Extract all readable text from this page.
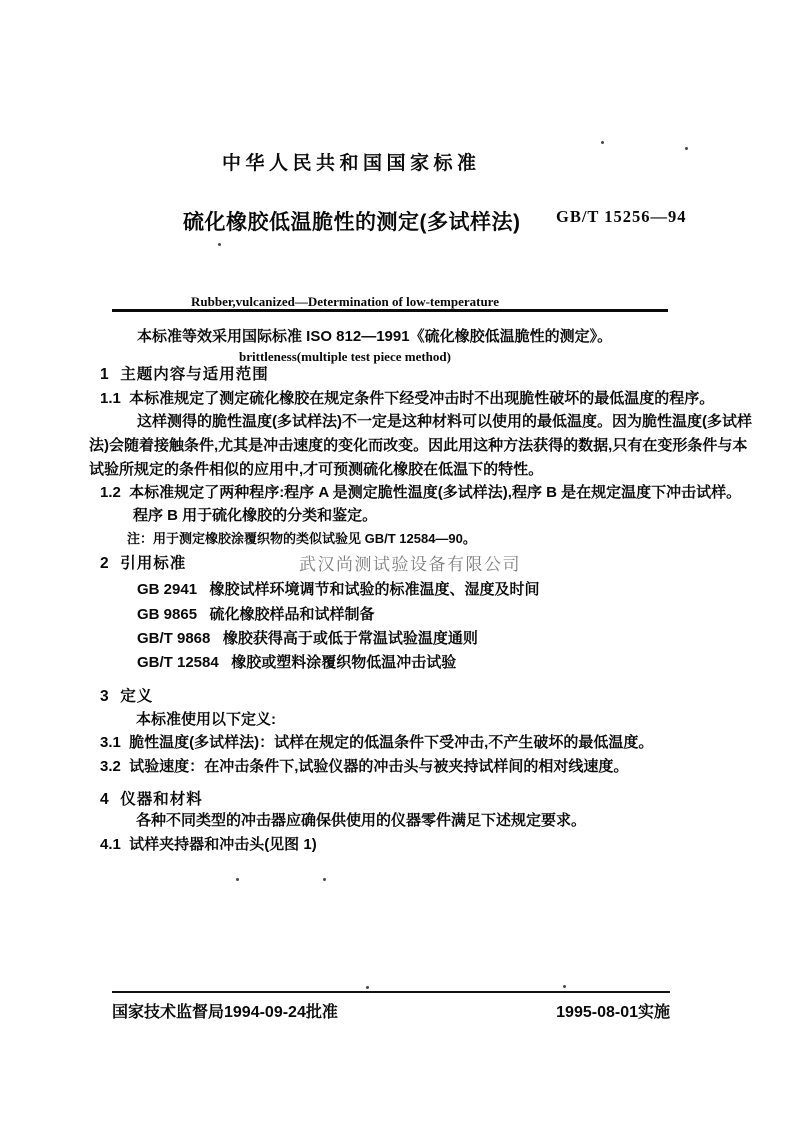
中华人民共和国国家标准
硫化橡胶低温脆性的测定(多试样法) GB/T 15256—94

Rubber,vulcanized—Determination of low-temperature

brittleness(multiple test piece method)

本标准等效采用国际标准 ISO 812—1991《硫化橡胶低温脆性的测定》。
1  主题内容与适用范围
1.1  本标准规定了测定硫化橡胶在规定条件下经受冲击时不出现脆性破坏的最低温度的程序。
这样测得的脆性温度(多试样法)不一定是这种材料可以使用的最低温度。因为脆性温度(多试样
法)会随着接触条件,尤其是冲击速度的变化而改变。因此用这种方法获得的数据,只有在变形条件与本
试验所规定的条件相似的应用中,才可预测硫化橡胶在低温下的特性。
1.2  本标准规定了两种程序:程序 A 是测定脆性温度(多试样法),程序 B 是在规定温度下冲击试样。
程序 B 用于硫化橡胶的分类和鉴定。
注：用于测定橡胶涂覆织物的类似试验见 GB/T 12584—90。
2  引用标准	武汉尚测试验设备有限公司
GB 2941   橡胶试样环境调节和试验的标准温度、湿度及时间
GB 9865   硫化橡胶样品和试样制备
GB/T 9868   橡胶获得高于或低于常温试验温度通则
GB/T 12584   橡胶或塑料涂覆织物低温冲击试验
3  定义
本标准使用以下定义:
3.1  脆性温度(多试样法)：试样在规定的低温条件下受冲击,不产生破坏的最低温度。
3.2  试验速度：在冲击条件下,试验仪器的冲击头与被夹持试样间的相对线速度。
4  仪器和材料
各种不同类型的冲击器应确保供使用的仪器零件满足下述规定要求。
4.1  试样夹持器和冲击头(见图 1)
国家技术监督局1994-09-24批准	1995-08-01实施
